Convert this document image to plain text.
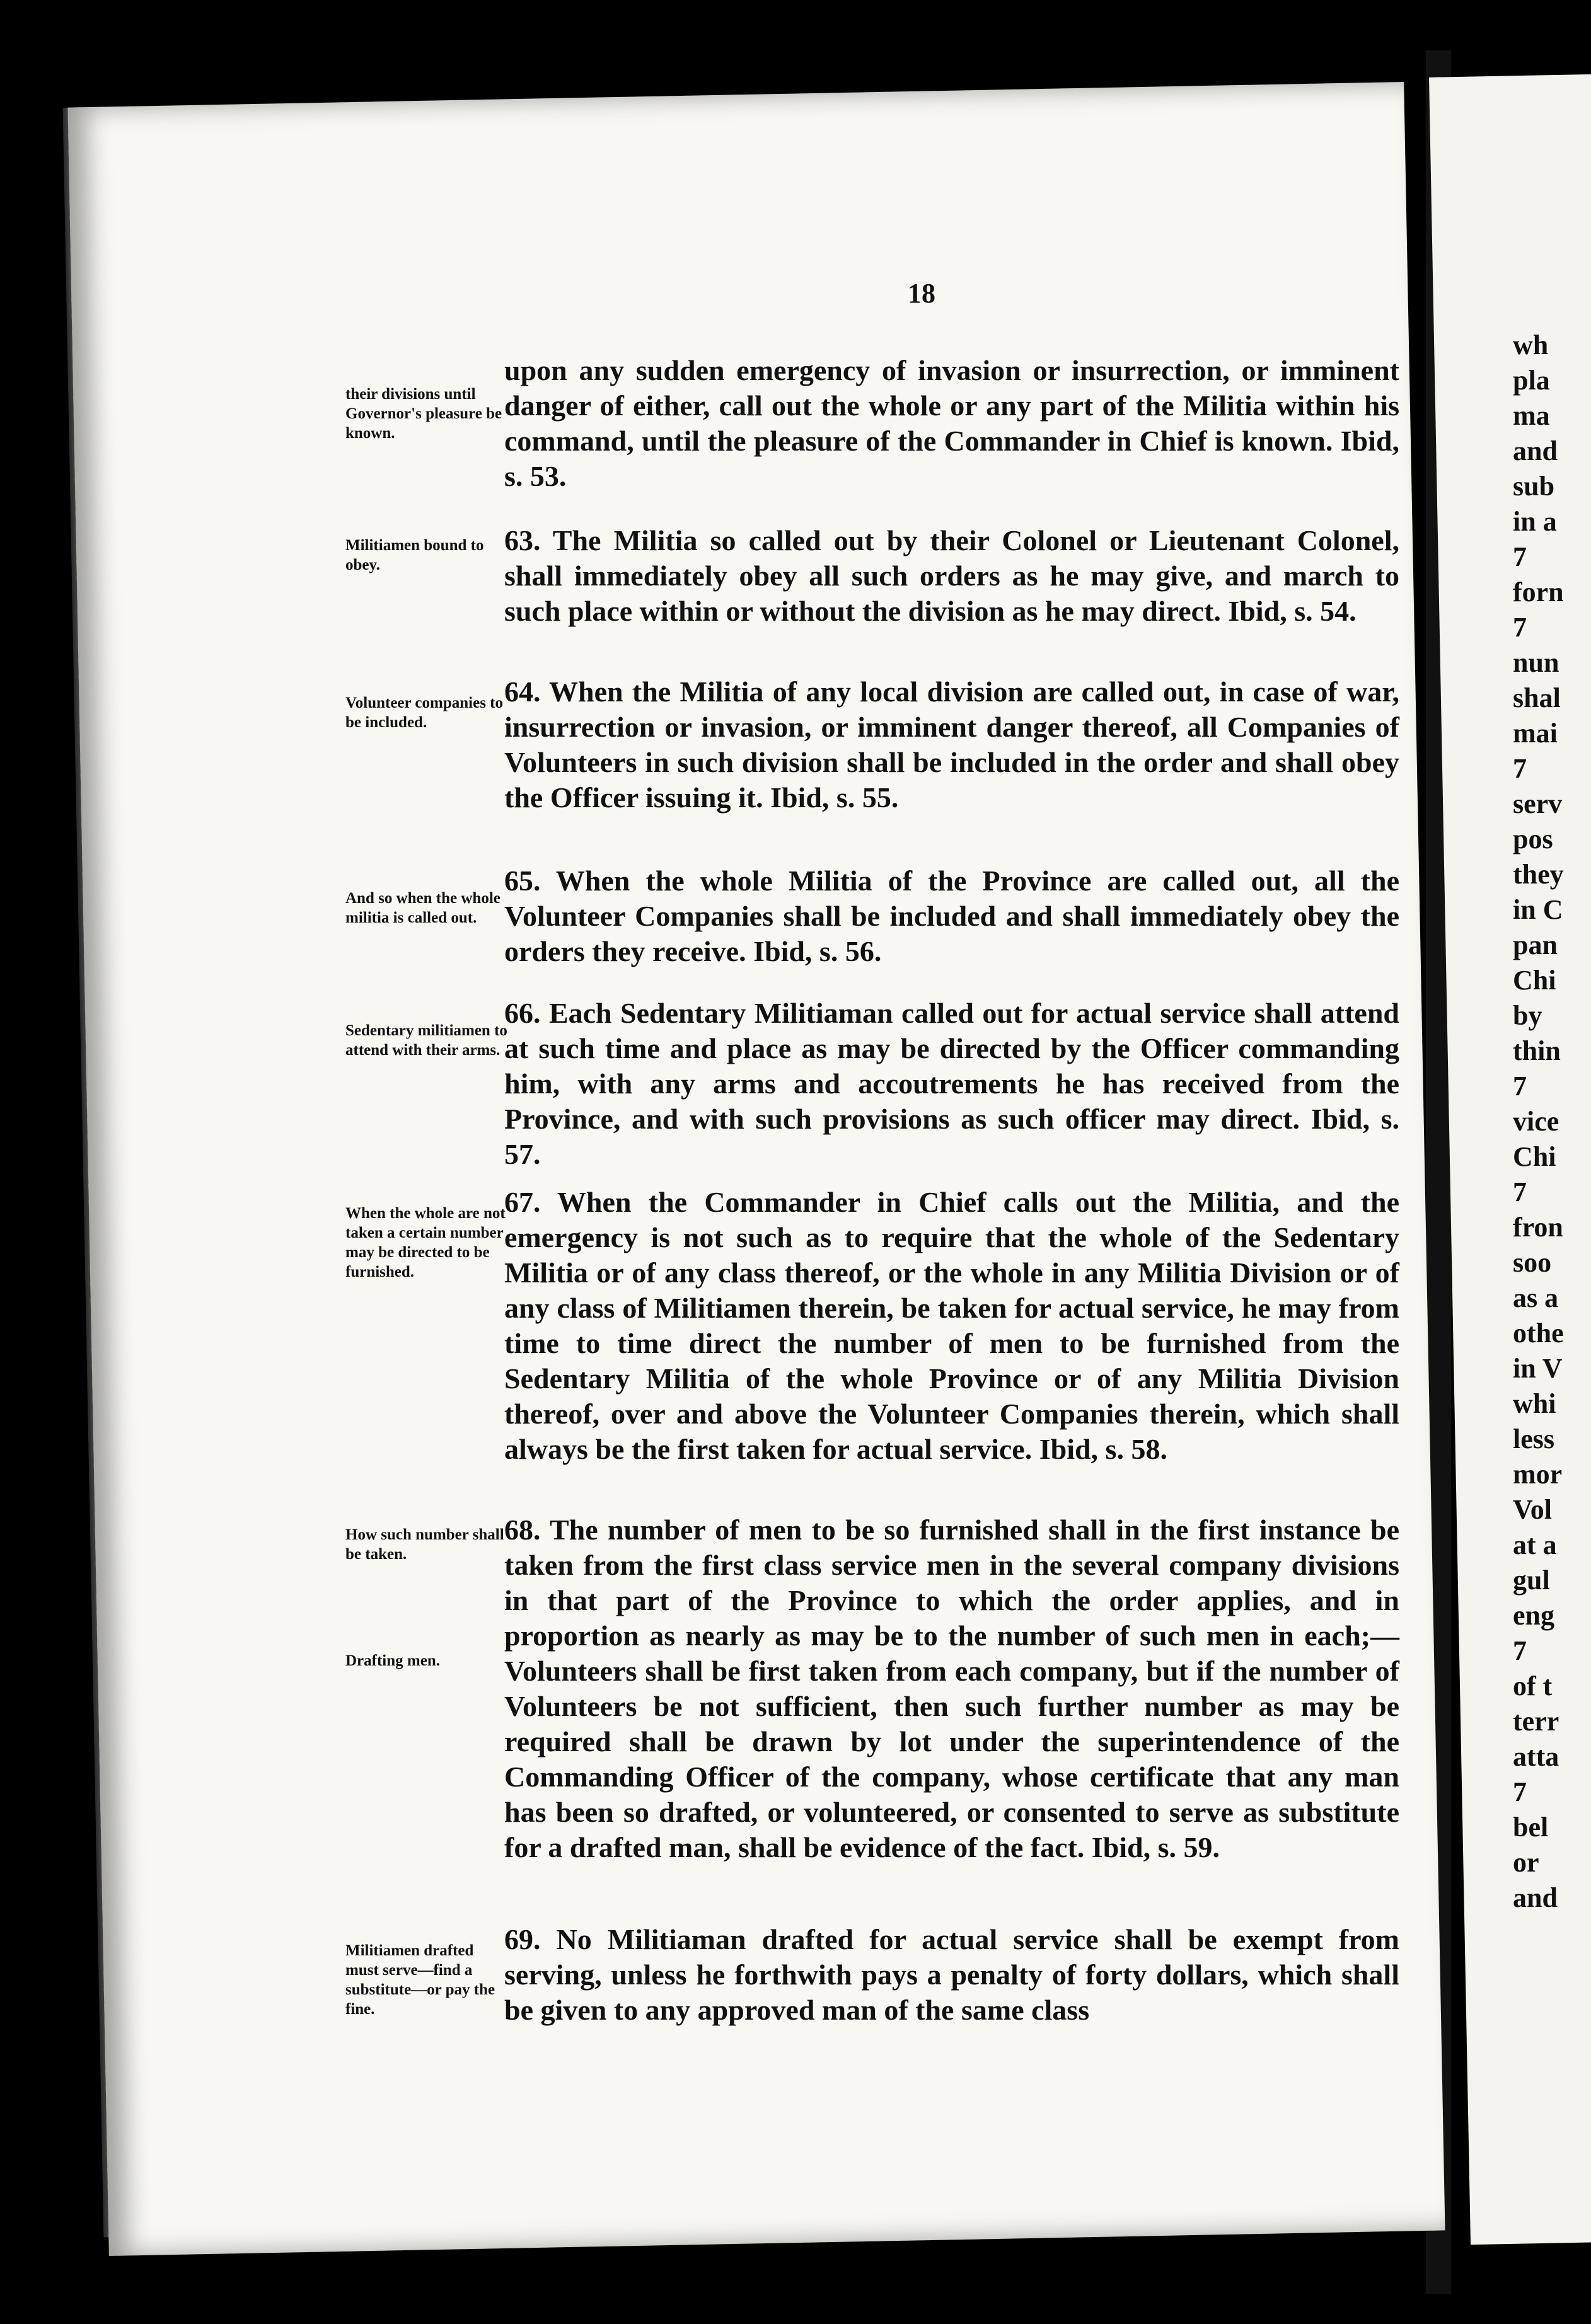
18
their divisions until Governor's pleasure be known.
Militiamen bound to obey.
Volunteer companies to be included.
And so when the whole militia is called out.
Sedentary militiamen to attend with their arms.
When the whole are not taken a certain number may be directed to be furnished.
How such number shall be taken.
Drafting men.
Militiamen drafted must serve—find a substitute—or pay the fine.
upon any sudden emergency of invasion or insurrection, or imminent danger of either, call out the whole or any part of the Militia within his command, until the pleasure of the Commander in Chief is known. Ibid, s. 53.
63. The Militia so called out by their Colonel or Lieutenant Colonel, shall immediately obey all such orders as he may give, and march to such place within or without the division as he may direct. Ibid, s. 54.
64. When the Militia of any local division are called out, in case of war, insurrection or invasion, or imminent danger thereof, all Companies of Volunteers in such division shall be included in the order and shall obey the Officer issuing it. Ibid, s. 55.
65. When the whole Militia of the Province are called out, all the Volunteer Companies shall be included and shall immediately obey the orders they receive. Ibid, s. 56.
66. Each Sedentary Militiaman called out for actual service shall attend at such time and place as may be directed by the Officer commanding him, with any arms and accoutrements he has received from the Province, and with such provisions as such officer may direct. Ibid, s. 57.
67. When the Commander in Chief calls out the Militia, and the emergency is not such as to require that the whole of the Sedentary Militia or of any class thereof, or the whole in any Militia Division or of any class of Militiamen therein, be taken for actual service, he may from time to time direct the number of men to be furnished from the Sedentary Militia of the whole Province or of any Militia Division thereof, over and above the Volunteer Companies therein, which shall always be the first taken for actual service. Ibid, s. 58.
68. The number of men to be so furnished shall in the first instance be taken from the first class service men in the several company divisions in that part of the Province to which the order applies, and in proportion as nearly as may be to the number of such men in each;—Volunteers shall be first taken from each company, but if the number of Volunteers be not sufficient, then such further number as may be required shall be drawn by lot under the superintendence of the Commanding Officer of the company, whose certificate that any man has been so drafted, or volunteered, or consented to serve as substitute for a drafted man, shall be evidence of the fact. Ibid, s. 59.
69. No Militiaman drafted for actual service shall be exempt from serving, unless he forthwith pays a penalty of forty dollars, which shall be given to any approved man of the same class
wh
pla
ma
and
sub
in a
7
forn
7
nun
shal
mai
7
serv
pos
they
in C
pan
Chi
by
thin
7
vice
Chi
7
fron
soo
as a
othe
in V
whi
less
mor
Vol
at a
gul
eng
7
of t
terr
atta
7
bel
or
and
